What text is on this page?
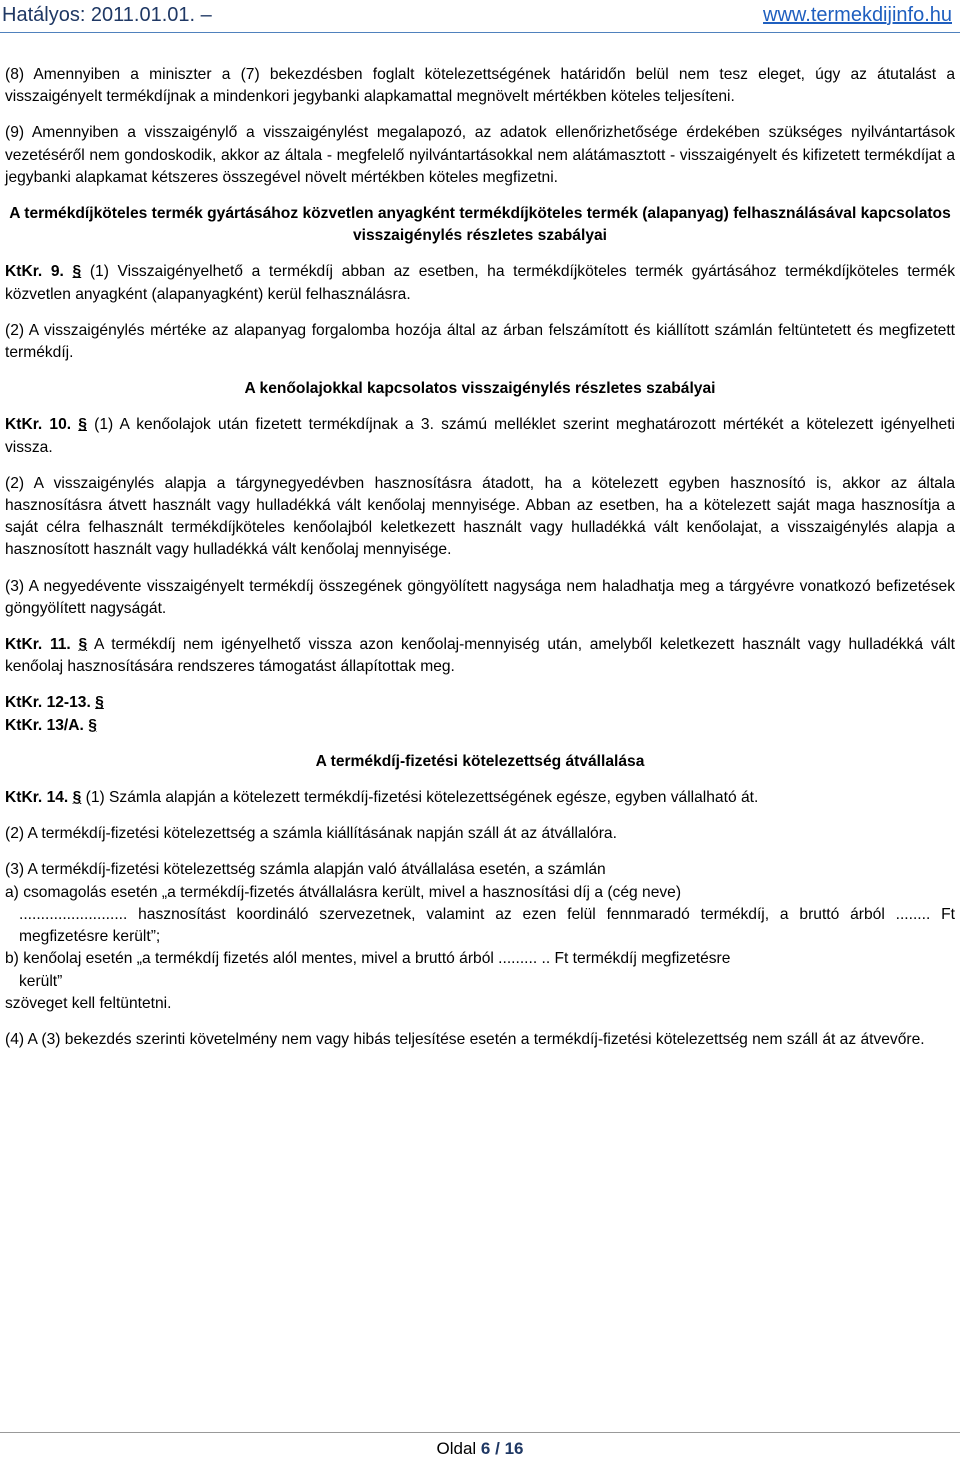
Hatályos: 2011.01.01. –	www.termekdijinfo.hu

(8) Amennyiben a miniszter a (7) bekezdésben foglalt kötelezettségének határidőn belül nem tesz eleget, úgy az átutalást a visszaigényelt termékdíjnak a mindenkori jegybanki alapkamattal megnövelt mértékben köteles teljesíteni.

(9) Amennyiben a visszaigénylő a visszaigénylést megalapozó, az adatok ellenőrizhetősége érdekében szükséges nyilvántartások vezetéséről nem gondoskodik, akkor az általa - megfelelő nyilvántartásokkal nem alátámasztott - visszaigényelt és kifizetett termékdíjat a jegybanki alapkamat kétszeres összegével növelt mértékben köteles megfizetni.

A termékdíjköteles termék gyártásához közvetlen anyagként termékdíjköteles termék (alapanyag) felhasználásával kapcsolatos visszaigénylés részletes szabályai

KtKr. 9. § (1) Visszaigényelhető a termékdíj abban az esetben, ha termékdíjköteles termék gyártásához termékdíjköteles termék közvetlen anyagként (alapanyagként) kerül felhasználásra.

(2) A visszaigénylés mértéke az alapanyag forgalomba hozója által az árban felszámított és kiállított számlán feltüntetett és megfizetett termékdíj.

A kenőolajokkal kapcsolatos visszaigénylés részletes szabályai

KtKr. 10. § (1) A kenőolajok után fizetett termékdíjnak a 3. számú melléklet szerint meghatározott mértékét a kötelezett igényelheti vissza.

(2) A visszaigénylés alapja a tárgynegyedévben hasznosításra átadott, ha a kötelezett egyben hasznosító is, akkor az általa hasznosításra átvett használt vagy hulladékká vált kenőolaj mennyisége. Abban az esetben, ha a kötelezett saját maga hasznosítja a saját célra felhasznált termékdíjköteles kenőolajból keletkezett használt vagy hulladékká vált kenőolajat, a visszaigénylés alapja a hasznosított használt vagy hulladékká vált kenőolaj mennyisége.

(3) A negyedévente visszaigényelt termékdíj összegének göngyölített nagysága nem haladhatja meg a tárgyévre vonatkozó befizetések göngyölített nagyságát.

KtKr. 11. § A termékdíj nem igényelhető vissza azon kenőolaj-mennyiség után, amelyből keletkezett használt vagy hulladékká vált kenőolaj hasznosítására rendszeres támogatást állapítottak meg.

KtKr. 12-13. §
KtKr. 13/A. §

A termékdíj-fizetési kötelezettség átvállalása

KtKr. 14. § (1) Számla alapján a kötelezett termékdíj-fizetési kötelezettségének egésze, egyben vállalható át.

(2) A termékdíj-fizetési kötelezettség a számla kiállításának napján száll át az átvállalóra.

(3) A termékdíj-fizetési kötelezettség számla alapján való átvállalása esetén, a számlán
a) csomagolás esetén „a termékdíj-fizetés átvállalásra került, mivel a hasznosítási díj a (cég neve)
......................... hasznosítást koordináló szervezetnek, valamint az ezen felül fennmaradó termékdíj, a bruttó árból ........ Ft megfizetésre került”;
b) kenőolaj esetén „a termékdíj fizetés alól mentes, mivel a bruttó árból ......... .. Ft termékdíj megfizetésre
került”
szöveget kell feltüntetni.

(4) A (3) bekezdés szerinti követelmény nem vagy hibás teljesítése esetén a termékdíj-fizetési kötelezettség nem száll át az átvevőre.

Oldal 6 / 16
